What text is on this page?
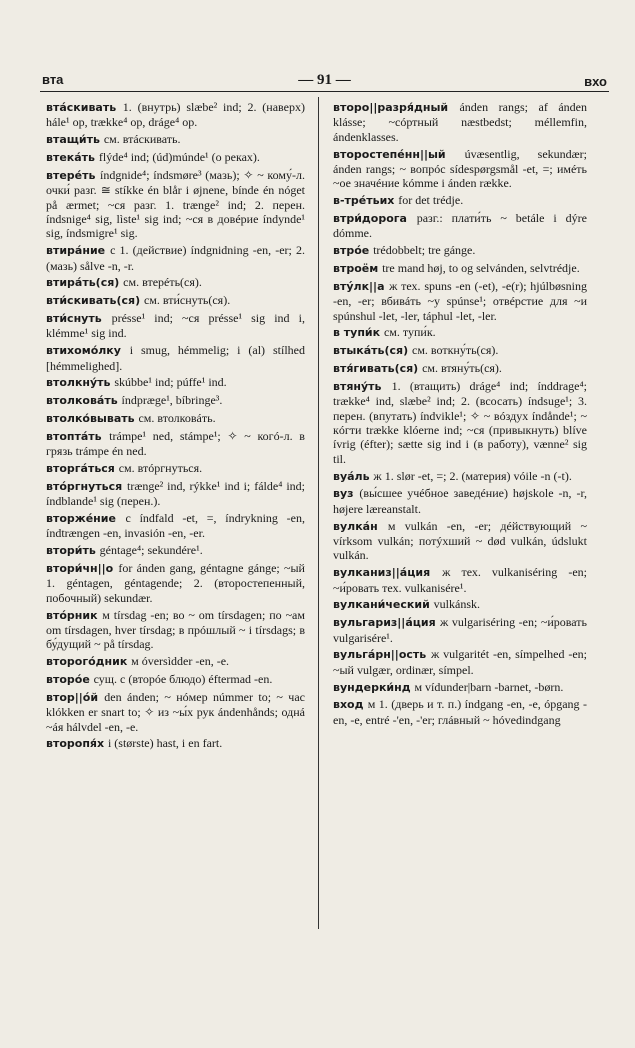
вта	— 91 —	вхо

втáскивать 1. (внутрь) slæbe² ind; 2. (наверх) hále¹ op, trække⁴ op, dráge⁴ op.

втащи́ть см. втáскивать.

втекáть flýde⁴ ind; (úd)múnde¹ (о реках).

втерéть índgnide⁴; índsmøre³ (мазь); ✧ ~ кому́-л. очки́ разг. ≅ stíkke én blår i øjnene, bínde én nóget på ærmet; ~ся разг. 1. trænge² ind; 2. перен. índsnige⁴ sig, lìste¹ sig ind; ~ся в довéрие índynde¹ sig, índsmigre¹ sig.

втирáние с 1. (действие) índgnidning -en, -er; 2. (мазь) sålve -n, -r.

втирáть(ся) см. втерéть(ся).

вти́скивать(ся) см. вти́снуть(ся).

вти́снуть présse¹ ind; ~ся présse¹ sig ind i, klémme¹ sig ind.

втихомо́лку i smug, hémmelig; i (al) stílhed [hémmelighed].

втолкну́ть skúbbe¹ ind; púffe¹ ind.

втолковáть índpræge¹, bíbringe³.

втолко́вывать см. втолковáть.

втоптáть trámpe¹ ned, stámpe¹; ✧ ~ когó-л. в грязь trámpe én ned.

вторгáться см. втóргнуться.

втóргнуться trænge² ind, rýkke¹ ind i; fálde⁴ ind; índblande¹ sig (перен.).

вторжéние с índfald -et, =, índrykning -en, índtrængen -en, invasión -en, -er.

втори́ть géntage⁴; sekundére¹.

втори́чн||о for ánden gang, géntagne gánge; ~ый 1. géntagen, géntagende; 2. (второстепенный, побочный) sekundær.

втóрник м tírsdag -en; во ~ om tírsdagen; по ~ам om tírsdagen, hver tírsdag; в прóшлый ~ i tírsdags; в бу́дущий ~ på tírsdag.

второгóдник м óversìdder -en, -e.

вторóе сущ. с (вторóе блюдо) éftermad -en.

втор||óй den ánden; ~ нóмер númmer to; ~ час klókken er snart to; ✧ из ~ы́х рук ándenhånds; однá ~áя hálvdel -en, -e.

второпя́х i (største) hast, i en fart.

второ||разря́дный ánden rangs; af ánden klásse; ~сóртный næstbedst; méllemfin, ándenklasses.

второстепéнн||ый úvæsentlig, sekundær; ánden rangs; ~ вопрóс sídespørgsmål -et, =; имéть ~ое значéние kómme i ánden række.

в-трéтьих for det trédje.

втри́дорога разг.: плати́ть ~ betále i dýre dómme.

втрóе trédobbelt; tre gánge.

втроём tre mand høj, to og selvánden, selvtrédje.

втýлк||а ж тех. spuns -en (-et), -e(r); hjúlbøsning -en, -er; вбивáть ~у spúnse¹; отвéрстие для ~и spúnshul -let, -ler, táphul -let, -ler.

в тупи́к см. тупи́к.

втыкáть(ся) см. воткну́ть(ся).

втя́гивать(ся) см. втяну́ть(ся).

втяну́ть 1. (втащить) dráge⁴ ind; índdrage⁴; trække⁴ ind, slæbe² ind; 2. (всосать) índsuge¹; 3. перен. (впутать) índvikle¹; ✧ ~ вóздух índånde¹; ~ кóгти trække klóerne ind; ~ся (привыкнуть) blíve ívrig (éfter); sætte sig ind i (в работу), vænne² sig til.

вуáль ж 1. slør -et, =; 2. (материя) vóile -n (-t).

вуз (вы́сшее учéбное заведéние) højskole -n, -r, højere læreanstalt.

вулкáн м vulkán -en, -er; дéйствующий ~ vírksom vulkán; потýхший ~ død vulkán, údslukt vulkán.

вулканиз||áция ж тех. vulkaniséring -en; ~и́ровать тех. vulkanisére¹.

вулкани́ческий vulkánsk.

вульгариз||áция ж vulgariséring -en; ~и́ровать vulgarisére¹.

вульгáрн||ость ж vulgaritét -en, símpelhed -en; ~ый vulgær, ordinær, símpel.

вундерки́нд м vídunder|barn -barnet, -børn.

вход м 1. (дверь и т. п.) índgang -en, -e, ópgang -en, -e, entré -'en, -'er; глáвный ~ hóvedindgang
